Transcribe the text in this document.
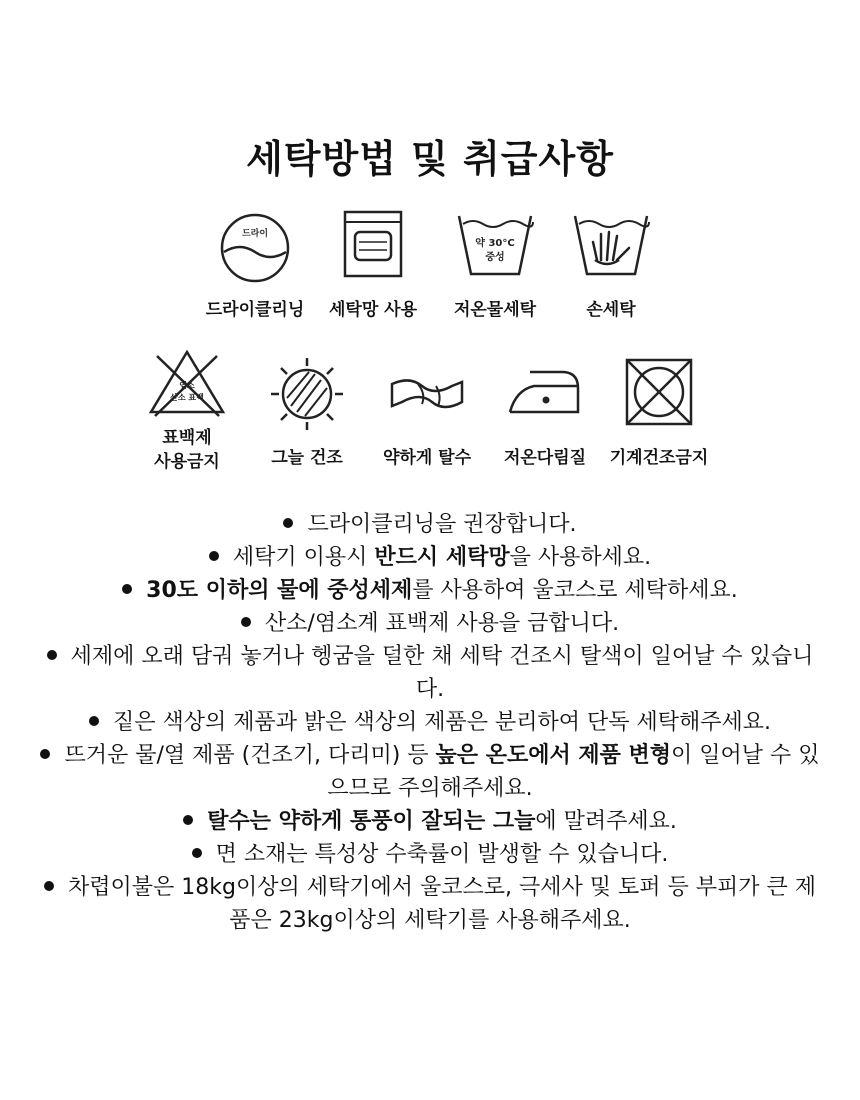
세탁방법 및 취급사항
드라이
드라이클리닝	세탁망 사용
약 30°C
중성
저온물세탁	손세탁
염소
산소 표백
표백제
사용금지	그늘 건조	약하게 탈수	저온다림질	기계건조금지
드라이클리닝을 권장합니다.
세탁기 이용시 반드시 세탁망을 사용하세요.
30도 이하의 물에 중성세제를 사용하여 울코스로 세탁하세요.
산소/염소계 표백제 사용을 금합니다.
세제에 오래 담궈 놓거나 헹굼을 덜한 채 세탁 건조시 탈색이 일어날 수 있습니다.
짙은 색상의 제품과 밝은 색상의 제품은 분리하여 단독 세탁해주세요.
뜨거운 물/열 제품 (건조기, 다리미) 등 높은 온도에서 제품 변형이 일어날 수 있으므로 주의해주세요.
탈수는 약하게 통풍이 잘되는 그늘에 말려주세요.
면 소재는 특성상 수축률이 발생할 수 있습니다.
차렵이불은 18kg이상의 세탁기에서 울코스로, 극세사 및 토퍼 등 부피가 큰 제품은 23kg이상의 세탁기를 사용해주세요.
